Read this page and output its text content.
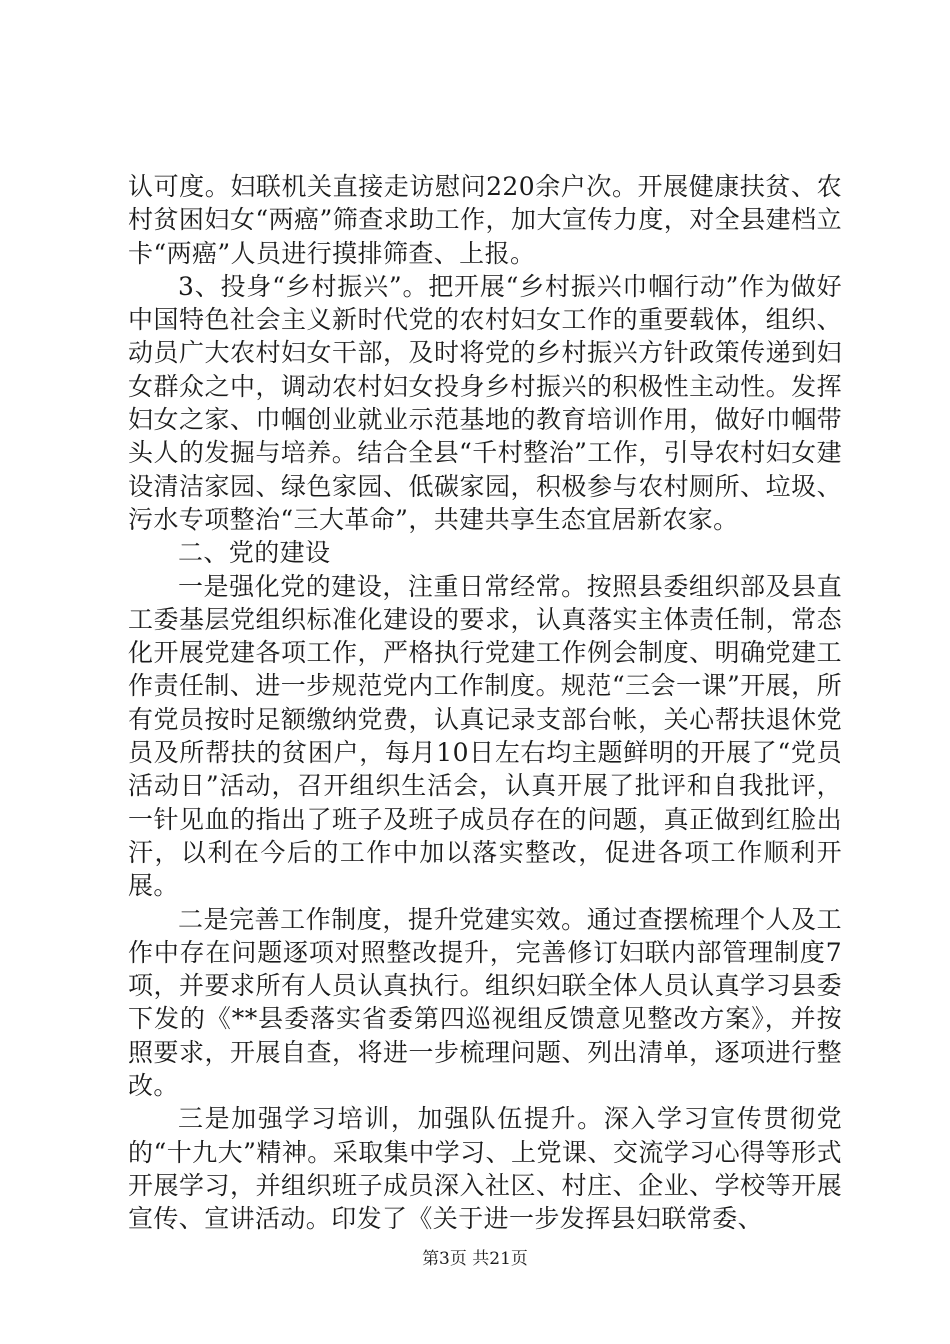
认可度。妇联机关直接走访慰问220余户次。开展健康扶贫、农村贫困妇女“两癌”筛查求助工作，加大宣传力度，对全县建档立卡“两癌”人员进行摸排筛查、上报。

3、投身“乡村振兴”。把开展“乡村振兴巾帼行动”作为做好中国特色社会主义新时代党的农村妇女工作的重要载体，组织、动员广大农村妇女干部，及时将党的乡村振兴方针政策传递到妇女群众之中，调动农村妇女投身乡村振兴的积极性主动性。发挥妇女之家、巾帼创业就业示范基地的教育培训作用，做好巾帼带头人的发掘与培养。结合全县“千村整治”工作，引导农村妇女建设清洁家园、绿色家园、低碳家园，积极参与农村厕所、垃圾、污水专项整治“三大革命”，共建共享生态宜居新农家。

二、党的建设

一是强化党的建设，注重日常经常。按照县委组织部及县直工委基层党组织标准化建设的要求，认真落实主体责任制，常态化开展党建各项工作，严格执行党建工作例会制度、明确党建工作责任制、进一步规范党内工作制度。规范“三会一课”开展，所有党员按时足额缴纳党费，认真记录支部台帐，关心帮扶退休党员及所帮扶的贫困户，每月10日左右均主题鲜明的开展了“党员活动日”活动，召开组织生活会，认真开展了批评和自我批评，一针见血的指出了班子及班子成员存在的问题，真正做到红脸出汗，以利在今后的工作中加以落实整改，促进各项工作顺利开展。

二是完善工作制度，提升党建实效。通过查摆梳理个人及工作中存在问题逐项对照整改提升，完善修订妇联内部管理制度7项，并要求所有人员认真执行。组织妇联全体人员认真学习县委下发的《**县委落实省委第四巡视组反馈意见整改方案》，并按照要求，开展自查，将进一步梳理问题、列出清单，逐项进行整改。

三是加强学习培训，加强队伍提升。深入学习宣传贯彻党的“十九大”精神。采取集中学习、上党课、交流学习心得等形式开展学习，并组织班子成员深入社区、村庄、企业、学校等开展宣传、宣讲活动。印发了《关于进一步发挥县妇联常委、

第3页 共21页
